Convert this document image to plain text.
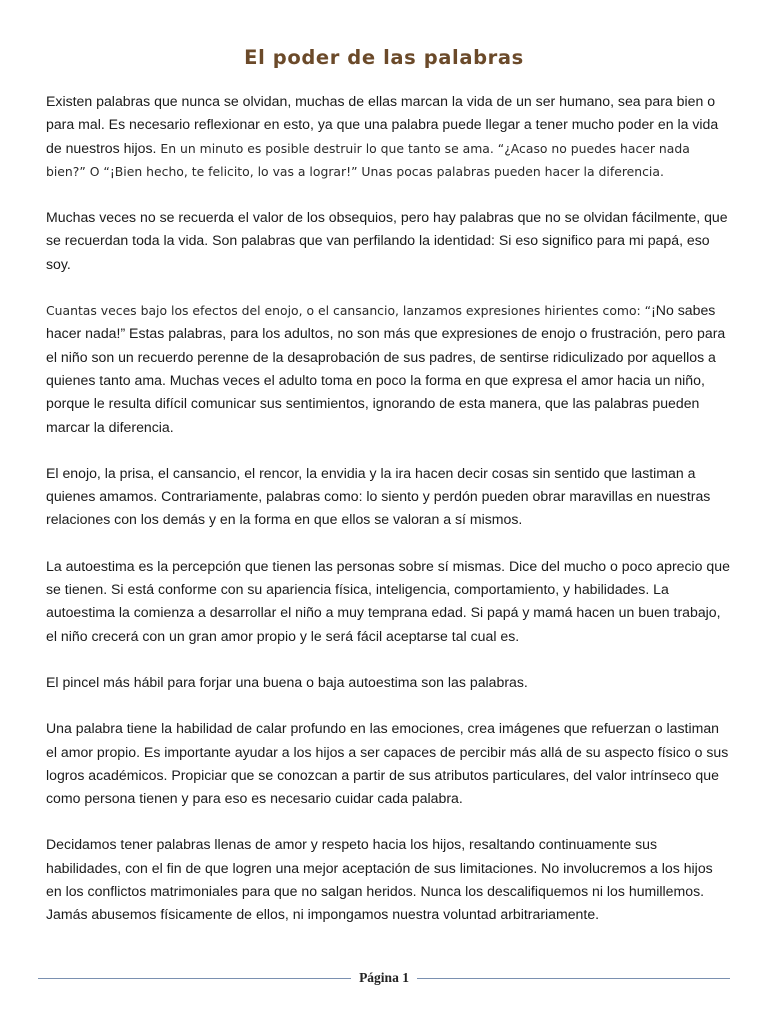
El poder de las palabras

Existen palabras que nunca se olvidan, muchas de ellas marcan la vida de un ser humano, sea para bien o para mal. Es necesario reflexionar en esto, ya que una palabra puede llegar a tener mucho poder en la vida de nuestros hijos. En un minuto es posible destruir lo que tanto se ama. “¿Acaso no puedes hacer nada bien?” O “¡Bien hecho, te felicito, lo vas a lograr!” Unas pocas palabras pueden hacer la diferencia.

Muchas veces no se recuerda el valor de los obsequios, pero hay palabras que no se olvidan fácilmente, que se recuerdan toda la vida. Son palabras que van perfilando la identidad: Si eso significo para mi papá, eso soy.

Cuantas veces bajo los efectos del enojo, o el cansancio, lanzamos expresiones hirientes como: “¡No sabes hacer nada!” Estas palabras, para los adultos, no son más que expresiones de enojo o frustración, pero para el niño son un recuerdo perenne de la desaprobación de sus padres, de sentirse ridiculizado por aquellos a quienes tanto ama. Muchas veces el adulto toma en poco la forma en que expresa el amor hacia un niño, porque le resulta difícil comunicar sus sentimientos, ignorando de esta manera, que las palabras pueden marcar la diferencia.

El enojo, la prisa, el cansancio, el rencor, la envidia y la ira hacen decir cosas sin sentido que lastiman a quienes amamos. Contrariamente, palabras como: lo siento y perdón pueden obrar maravillas en nuestras relaciones con los demás y en la forma en que ellos se valoran a sí mismos.

La autoestima es la percepción que tienen las personas sobre sí mismas. Dice del mucho o poco aprecio que se tienen. Si está conforme con su apariencia física, inteligencia, comportamiento, y habilidades. La autoestima la comienza a desarrollar el niño a muy temprana edad. Si papá y mamá hacen un buen trabajo, el niño crecerá con un gran amor propio y le será fácil aceptarse tal cual es.

El pincel más hábil para forjar una buena o baja autoestima son las palabras.

Una palabra tiene la habilidad de calar profundo en las emociones, crea imágenes que refuerzan o lastiman el amor propio. Es importante ayudar a los hijos a ser capaces de percibir más allá de su aspecto físico o sus logros académicos. Propiciar que se conozcan a partir de sus atributos particulares, del valor intrínseco que como persona tienen y para eso es necesario cuidar cada palabra.

Decidamos tener palabras llenas de amor y respeto hacia los hijos, resaltando continuamente sus habilidades, con el fin de que logren una mejor aceptación de sus limitaciones. No involucremos a los hijos en los conflictos matrimoniales para que no salgan heridos. Nunca los descalifiquemos ni los humillemos. Jamás abusemos físicamente de ellos, ni impongamos nuestra voluntad arbitrariamente.

Página 1
